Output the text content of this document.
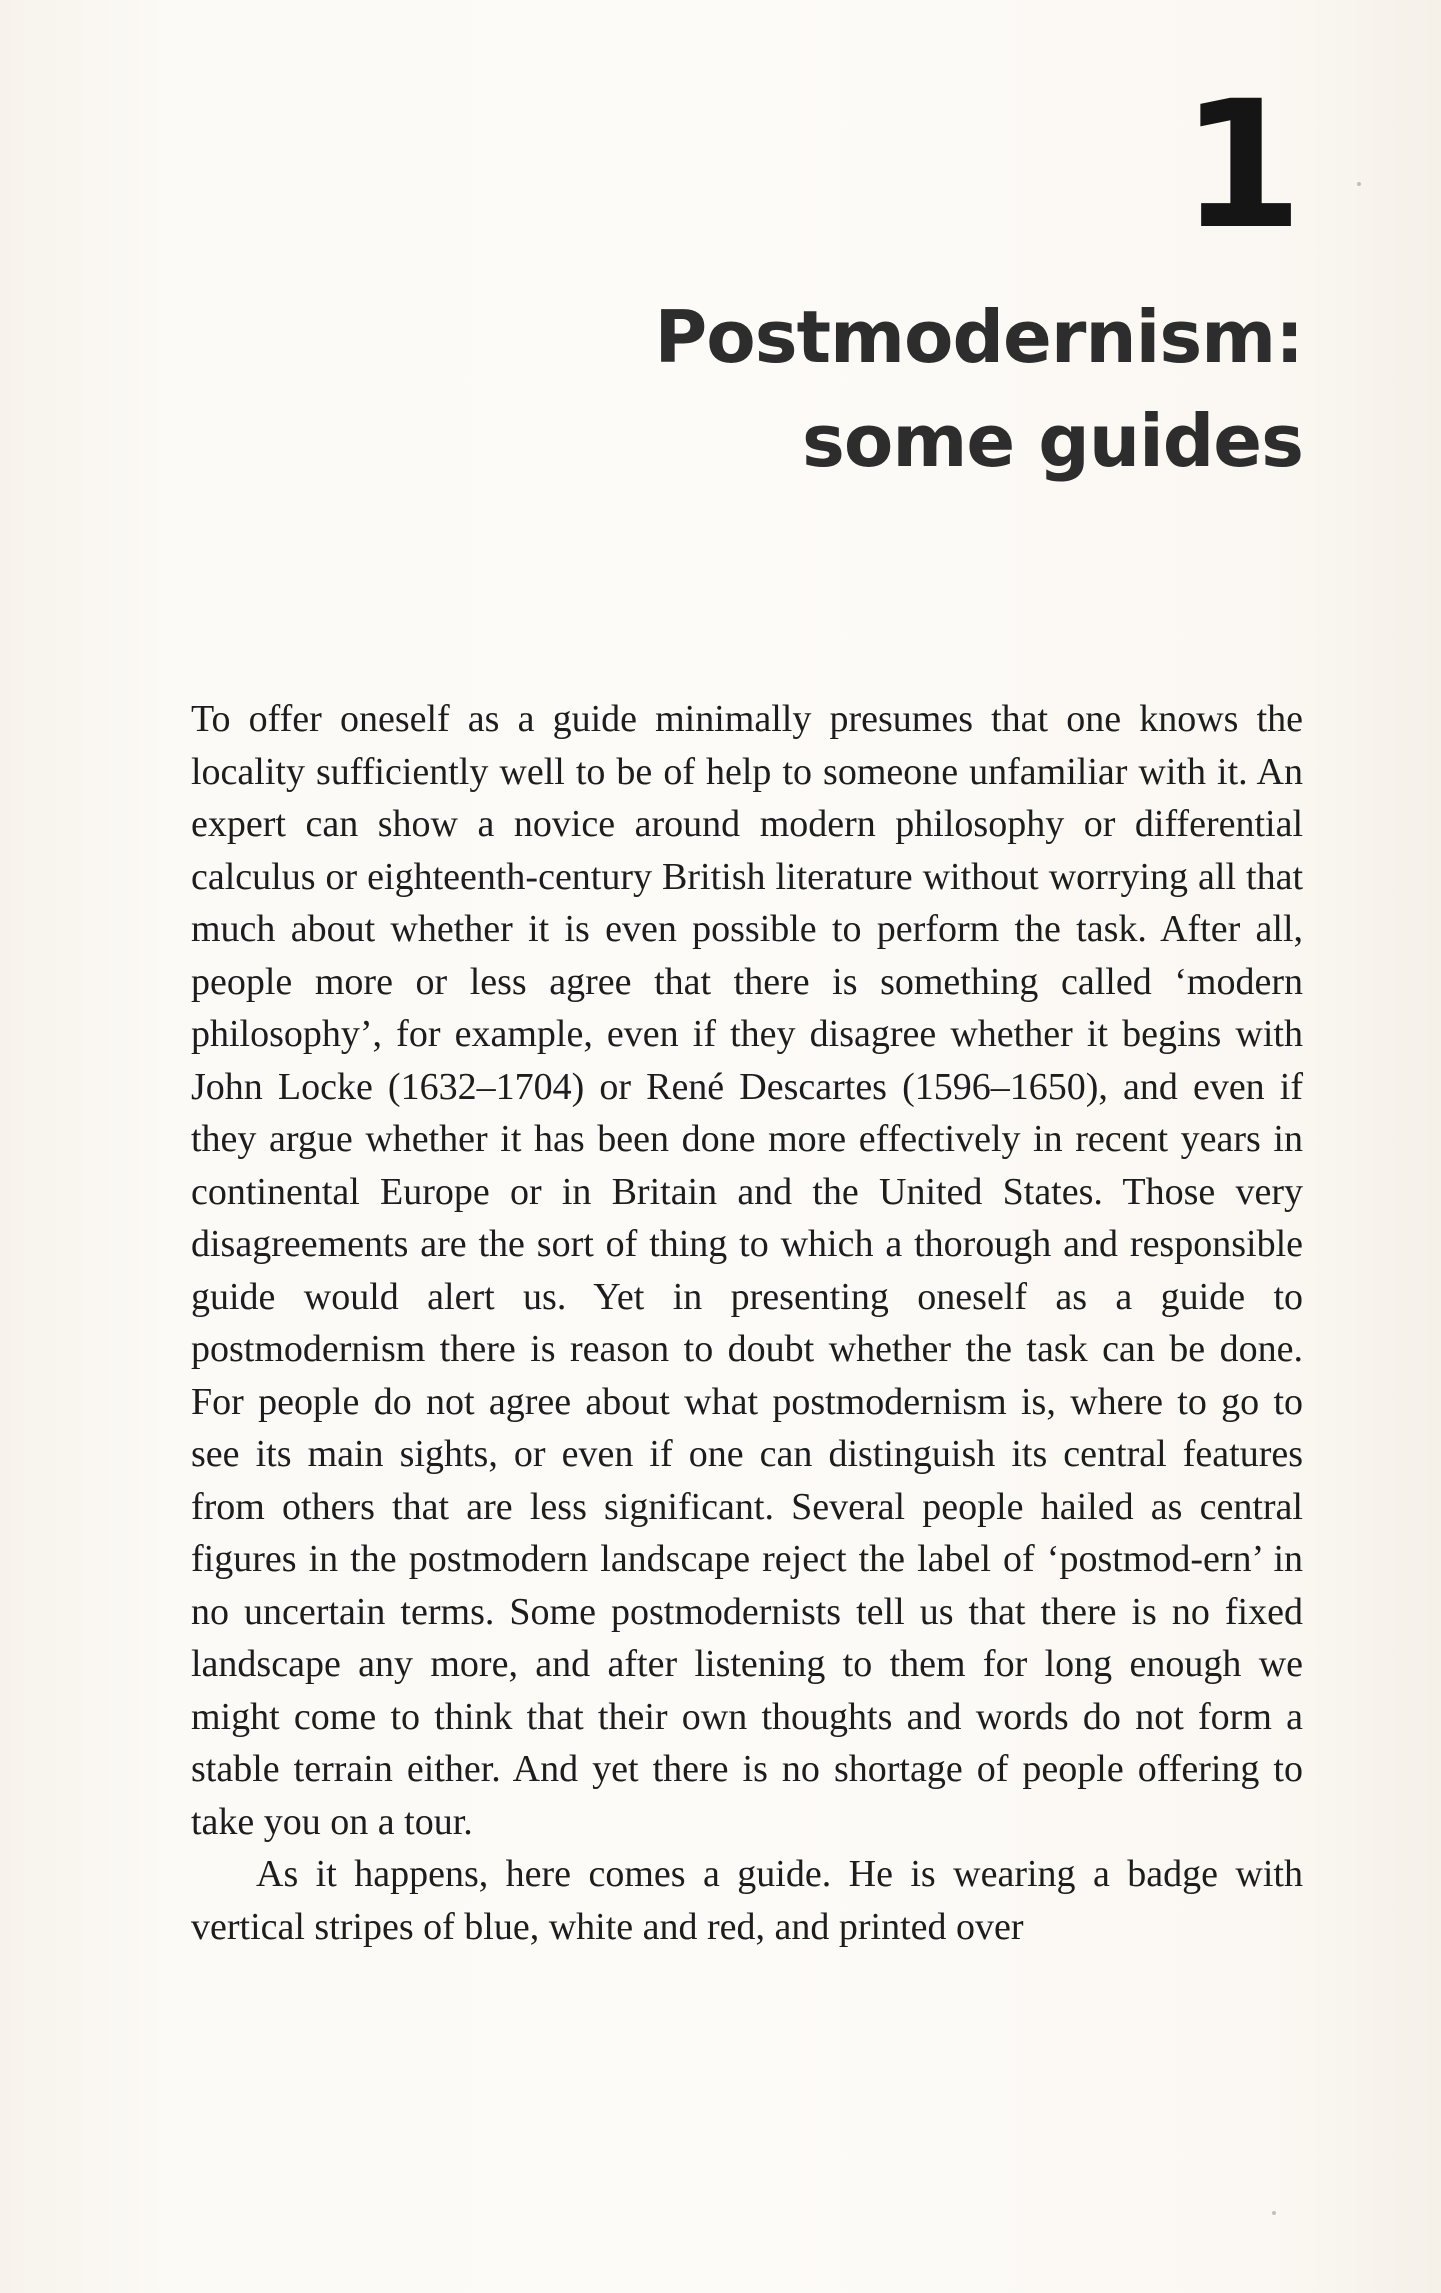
1
Postmodernism:
some guides

To offer oneself as a guide minimally presumes that one knows the locality sufficiently well to be of help to someone unfamiliar with it. An expert can show a novice around modern philosophy or differential calculus or eighteenth-century British literature without worrying all that much about whether it is even possible to perform the task. After all, people more or less agree that there is something called ‘modern philosophy’, for example, even if they disagree whether it begins with John Locke (1632–1704) or René Descartes (1596–1650), and even if they argue whether it has been done more effectively in recent years in continental Europe or in Britain and the United States. Those very disagreements are the sort of thing to which a thorough and responsible guide would alert us. Yet in presenting oneself as a guide to postmodernism there is reason to doubt whether the task can be done. For people do not agree about what postmodernism is, where to go to see its main sights, or even if one can distinguish its central features from others that are less significant. Several people hailed as central figures in the postmodern landscape reject the label of ‘postmod-ern’ in no uncertain terms. Some postmodernists tell us that there is no fixed landscape any more, and after listening to them for long enough we might come to think that their own thoughts and words do not form a stable terrain either. And yet there is no shortage of people offering to take you on a tour.

As it happens, here comes a guide. He is wearing a badge with vertical stripes of blue, white and red, and printed over
